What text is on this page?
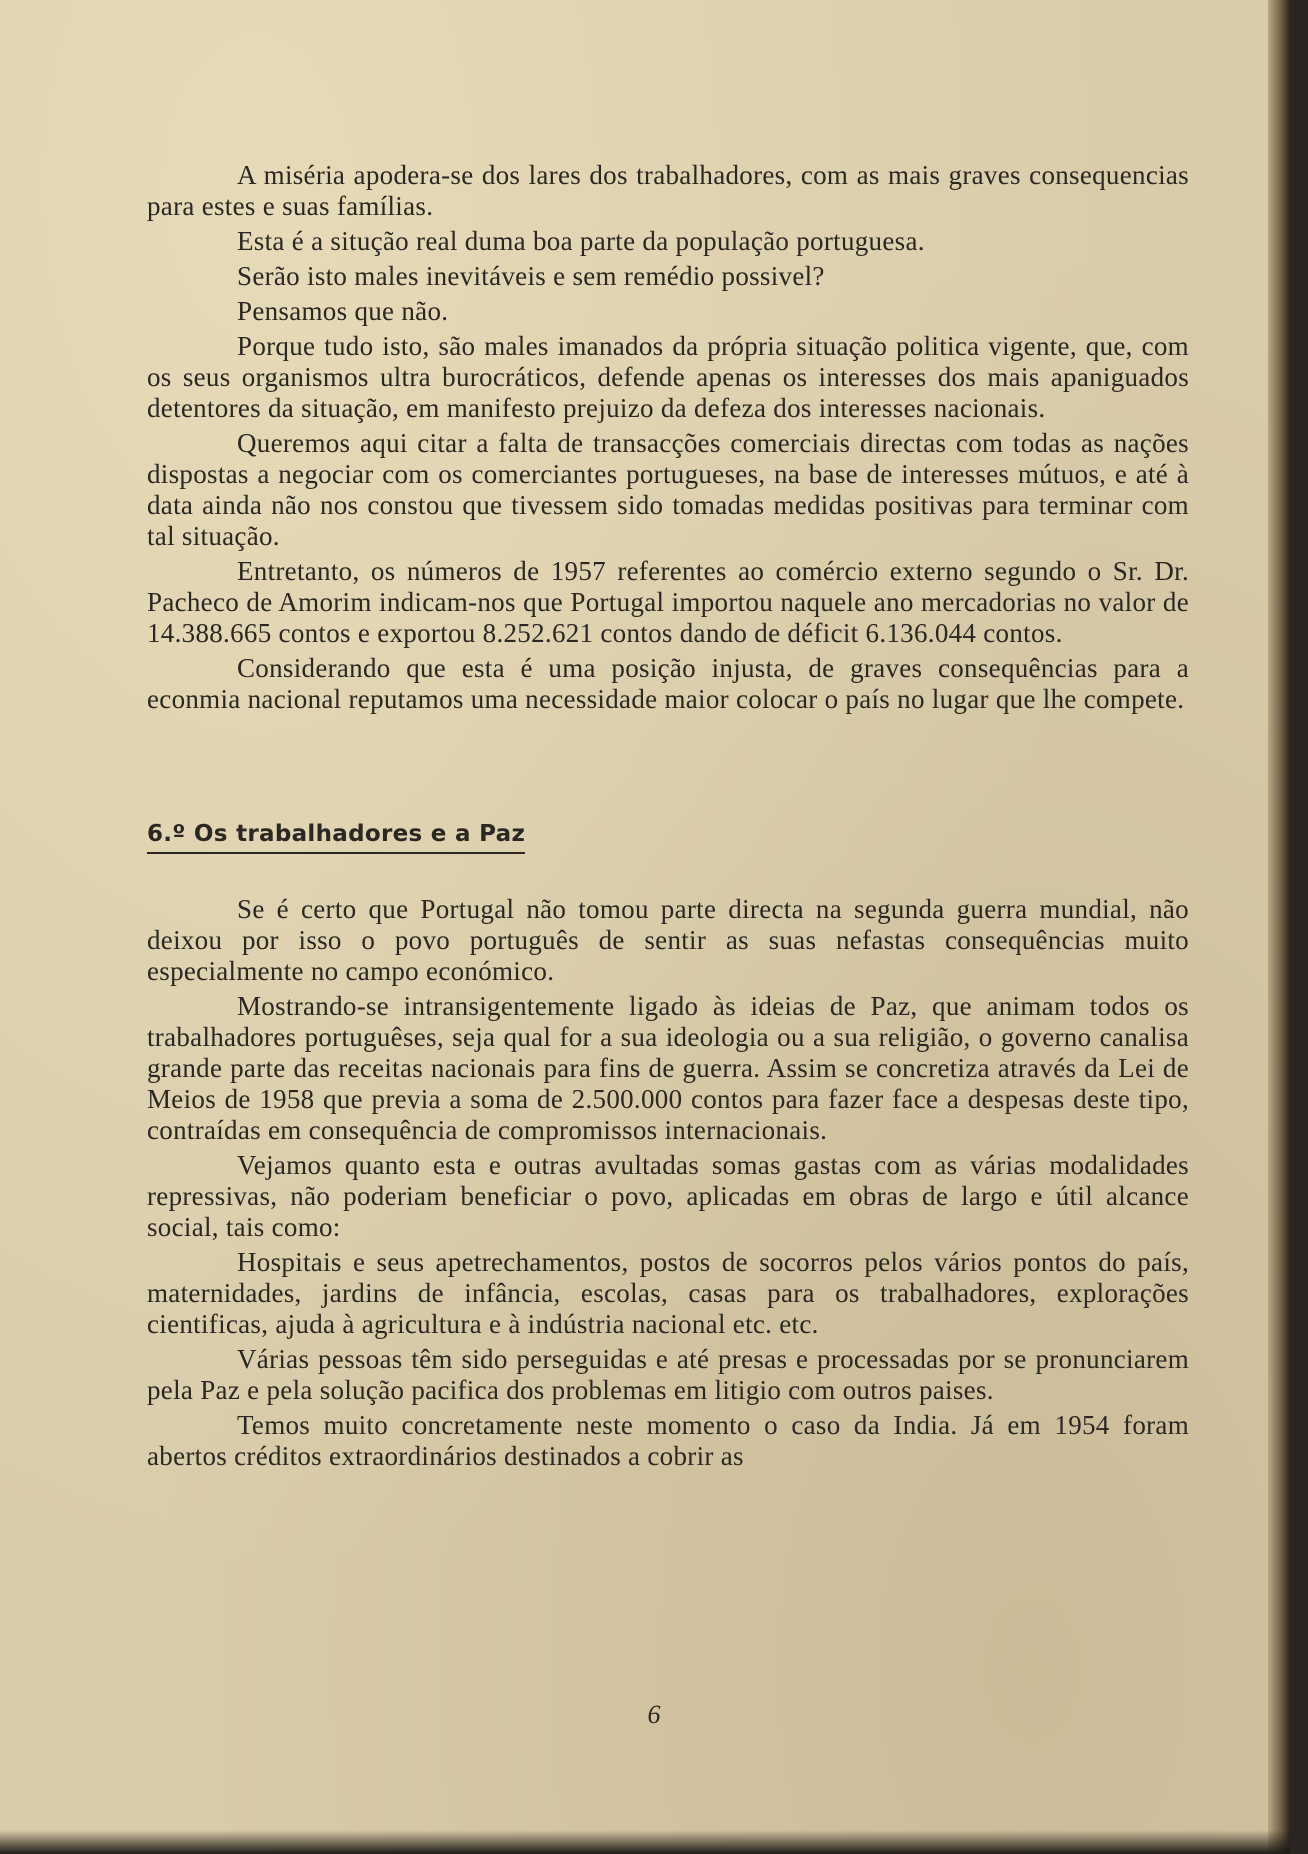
A miséria apodera-se dos lares dos trabalhadores, com as mais graves consequencias para estes e suas famílias.

Esta é a situção real duma boa parte da população portuguesa.

Serão isto males inevitáveis e sem remédio possivel?

Pensamos que não.

Porque tudo isto, são males imanados da própria situação politica vigente, que, com os seus organismos ultra burocráticos, defende apenas os interesses dos mais apaniguados detentores da situação, em manifesto prejuizo da defeza dos interesses nacionais.

Queremos aqui citar a falta de transacções comerciais directas com todas as nações dispostas a negociar com os comerciantes portugueses, na base de interesses mútuos, e até à data ainda não nos constou que tivessem sido tomadas medidas positivas para terminar com tal situação.

Entretanto, os números de 1957 referentes ao comércio externo segundo o Sr. Dr. Pacheco de Amorim indicam-nos que Portugal importou naquele ano mercadorias no valor de 14.388.665 contos e exportou 8.252.621 contos dando de déficit 6.136.044 contos.

Considerando que esta é uma posição injusta, de graves consequências para a econmia nacional reputamos uma necessidade maior colocar o país no lugar que lhe compete.

6.º Os trabalhadores e a Paz

Se é certo que Portugal não tomou parte directa na segunda guerra mundial, não deixou por isso o povo português de sentir as suas nefastas consequências muito especialmente no campo económico.

Mostrando-se intransigentemente ligado às ideias de Paz, que animam todos os trabalhadores portuguêses, seja qual for a sua ideologia ou a sua religião, o governo canalisa grande parte das receitas nacionais para fins de guerra. Assim se concretiza através da Lei de Meios de 1958 que previa a soma de 2.500.000 contos para fazer face a despesas deste tipo, contraídas em consequência de compromissos internacionais.

Vejamos quanto esta e outras avultadas somas gastas com as várias modalidades repressivas, não poderiam beneficiar o povo, aplicadas em obras de largo e útil alcance social, tais como:

Hospitais e seus apetrechamentos, postos de socorros pelos vários pontos do país, maternidades, jardins de infância, escolas, casas para os trabalhadores, explorações cientificas, ajuda à agricultura e à indústria nacional etc. etc.

Várias pessoas têm sido perseguidas e até presas e processadas por se pronunciarem pela Paz e pela solução pacifica dos problemas em litigio com outros paises.

Temos muito concretamente neste momento o caso da India. Já em 1954 foram abertos créditos extraordinários destinados a cobrir as

6
